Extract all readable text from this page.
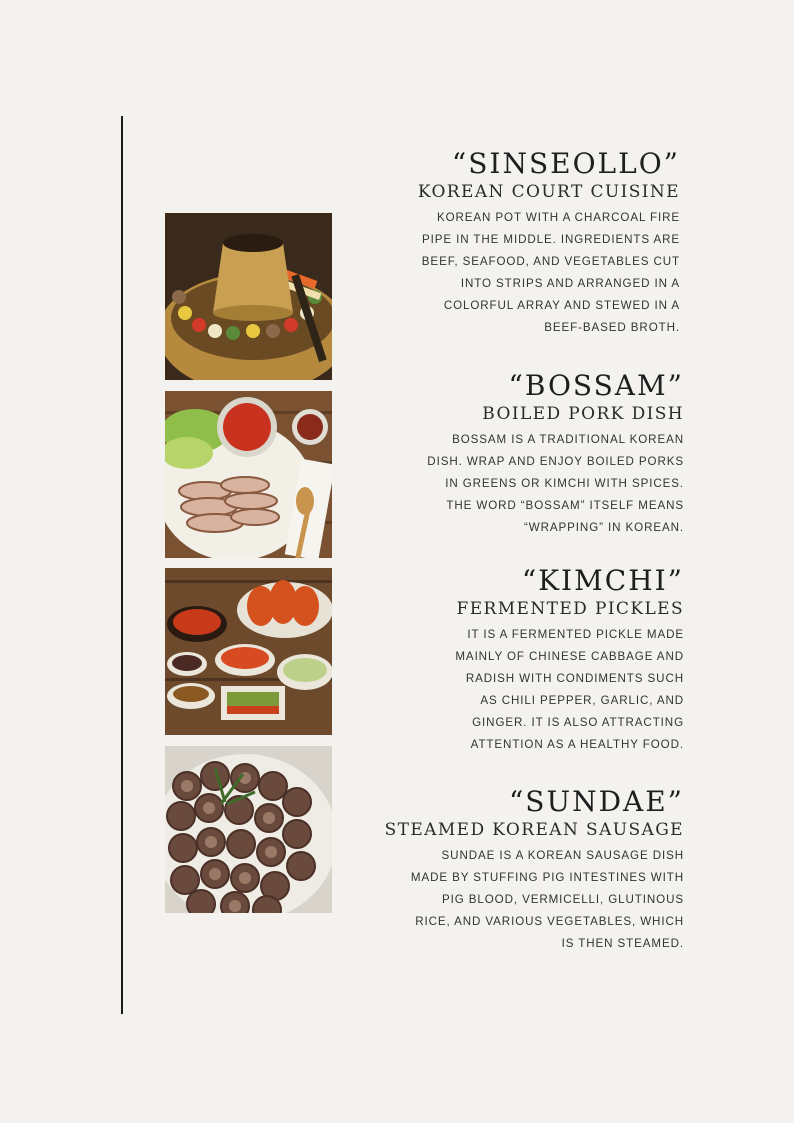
“SINSEOLLO”
KOREAN COURT CUISINE
KOREAN POT WITH A CHARCOAL FIRE
PIPE IN THE MIDDLE. INGREDIENTS ARE
BEEF, SEAFOOD, AND VEGETABLES CUT
INTO STRIPS AND ARRANGED IN A
COLORFUL ARRAY AND STEWED IN A
BEEF-BASED BROTH.
“BOSSAM”
BOILED PORK DISH
BOSSAM IS A TRADITIONAL KOREAN
DISH. WRAP AND ENJOY BOILED PORKS
IN GREENS OR KIMCHI WITH SPICES.
THE WORD “BOSSAM” ITSELF MEANS
“WRAPPING” IN KOREAN.
“KIMCHI”
FERMENTED PICKLES
IT IS A FERMENTED PICKLE MADE
MAINLY OF CHINESE CABBAGE AND
RADISH WITH CONDIMENTS SUCH
AS CHILI PEPPER, GARLIC, AND
GINGER. IT IS ALSO ATTRACTING
ATTENTION AS A HEALTHY FOOD.
“SUNDAE”
STEAMED KOREAN SAUSAGE
SUNDAE IS A KOREAN SAUSAGE DISH
MADE BY STUFFING PIG INTESTINES WITH
PIG BLOOD, VERMICELLI, GLUTINOUS
RICE, AND VARIOUS VEGETABLES, WHICH
IS THEN STEAMED.
